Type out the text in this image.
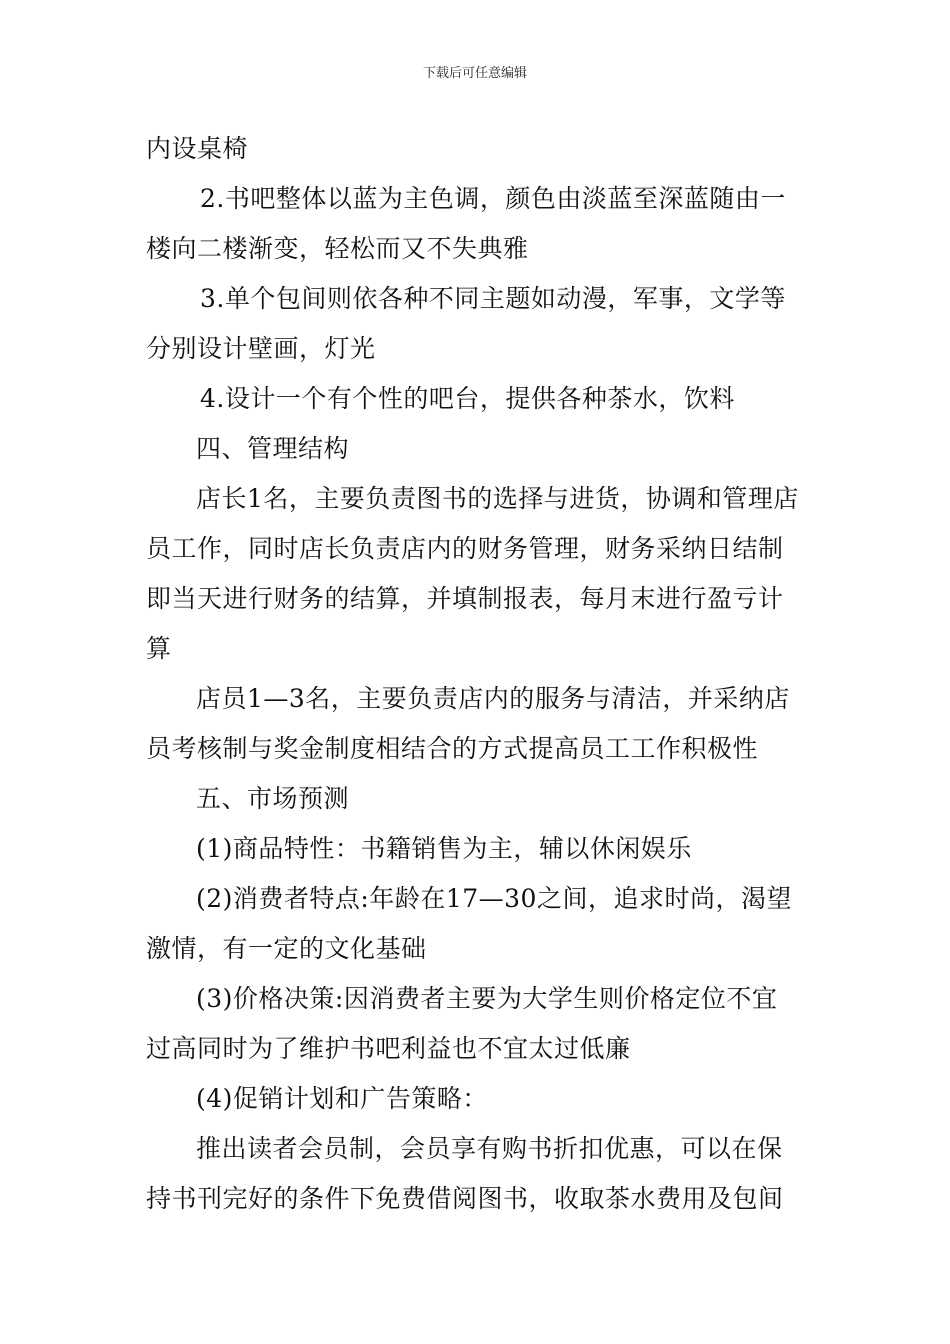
下载后可任意编辑

内设桌椅

2.书吧整体以蓝为主色调，颜色由淡蓝至深蓝随由一

楼向二楼渐变，轻松而又不失典雅

3.单个包间则依各种不同主题如动漫，军事，文学等

分别设计壁画，灯光

4.设计一个有个性的吧台，提供各种茶水，饮料

四、管理结构

店长1名，主要负责图书的选择与进货，协调和管理店

员工作，同时店长负责店内的财务管理，财务采纳日结制

即当天进行财务的结算，并填制报表，每月末进行盈亏计

算

店员1—3名，主要负责店内的服务与清洁，并采纳店

员考核制与奖金制度相结合的方式提高员工工作积极性

五、市场预测

(1)商品特性：书籍销售为主，辅以休闲娱乐

(2)消费者特点:年龄在17—30之间，追求时尚，渴望

激情，有一定的文化基础

(3)价格决策:因消费者主要为大学生则价格定位不宜

过高同时为了维护书吧利益也不宜太过低廉

(4)促销计划和广告策略：

推出读者会员制，会员享有购书折扣优惠，可以在保

持书刊完好的条件下免费借阅图书，收取茶水费用及包间
